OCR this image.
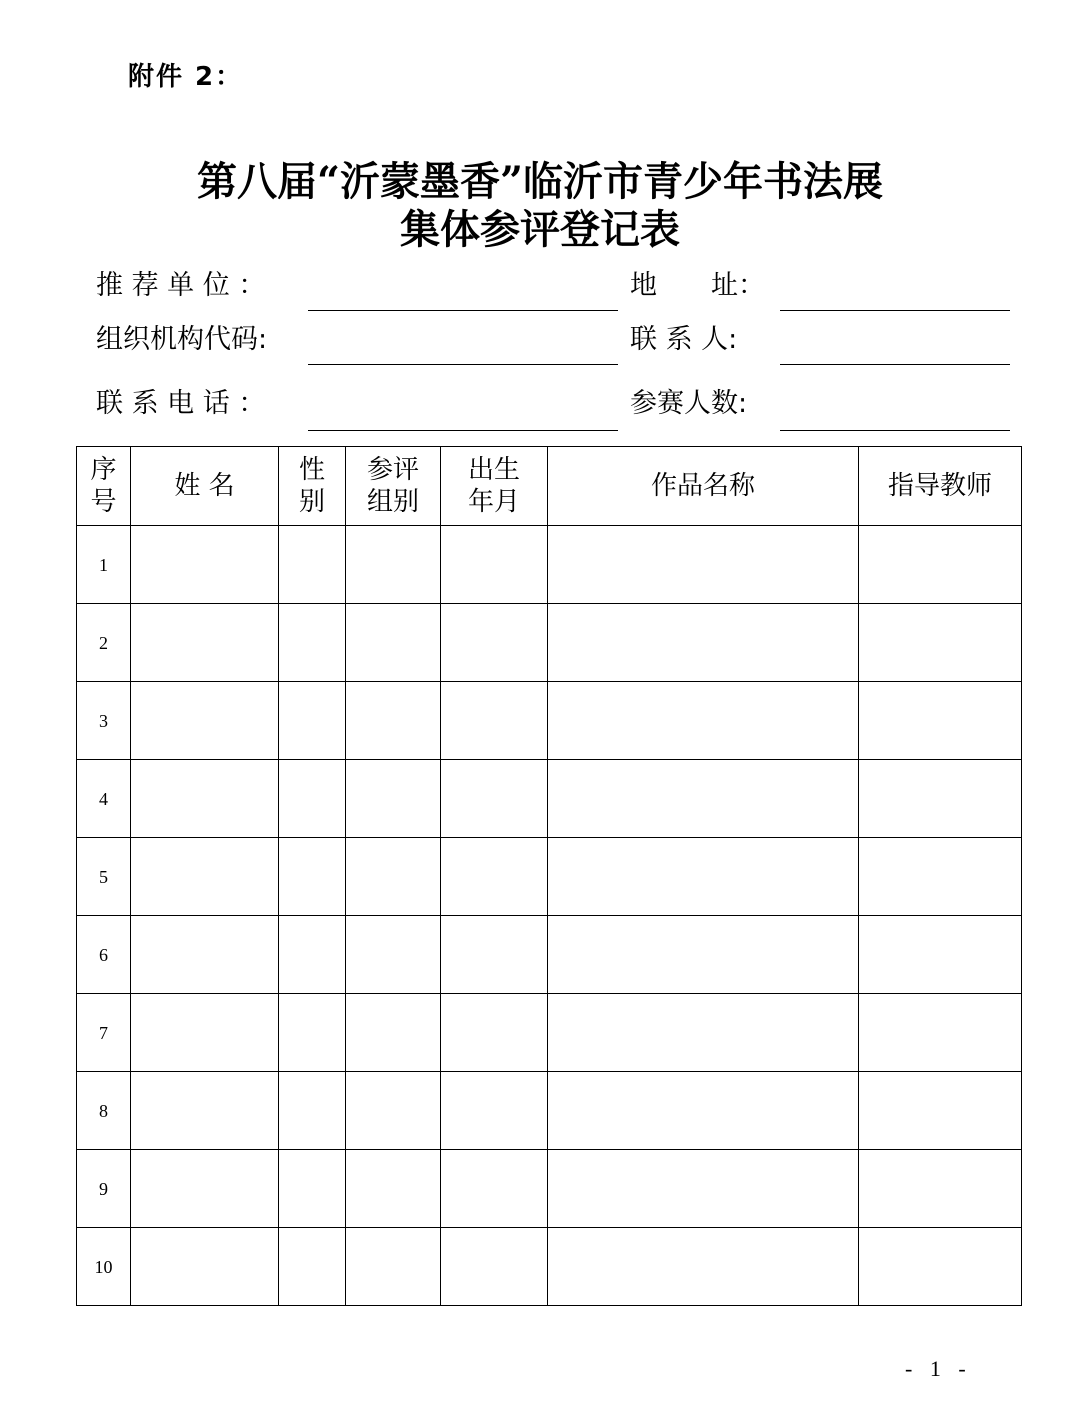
附件 2：
第八届“沂蒙墨香”临沂市青少年书法展
集体参评登记表
推 荐 单 位 ：	地　　址：
组织机构代码:	联 系 人:
联 系 电 话 ：	参赛人数:
序号	姓 名	性别	参评组别	出生年月	作品名称	指导教师
1						
2						
3						
4						
5						
6						
7						
8						
9						
10						
- 1 -
